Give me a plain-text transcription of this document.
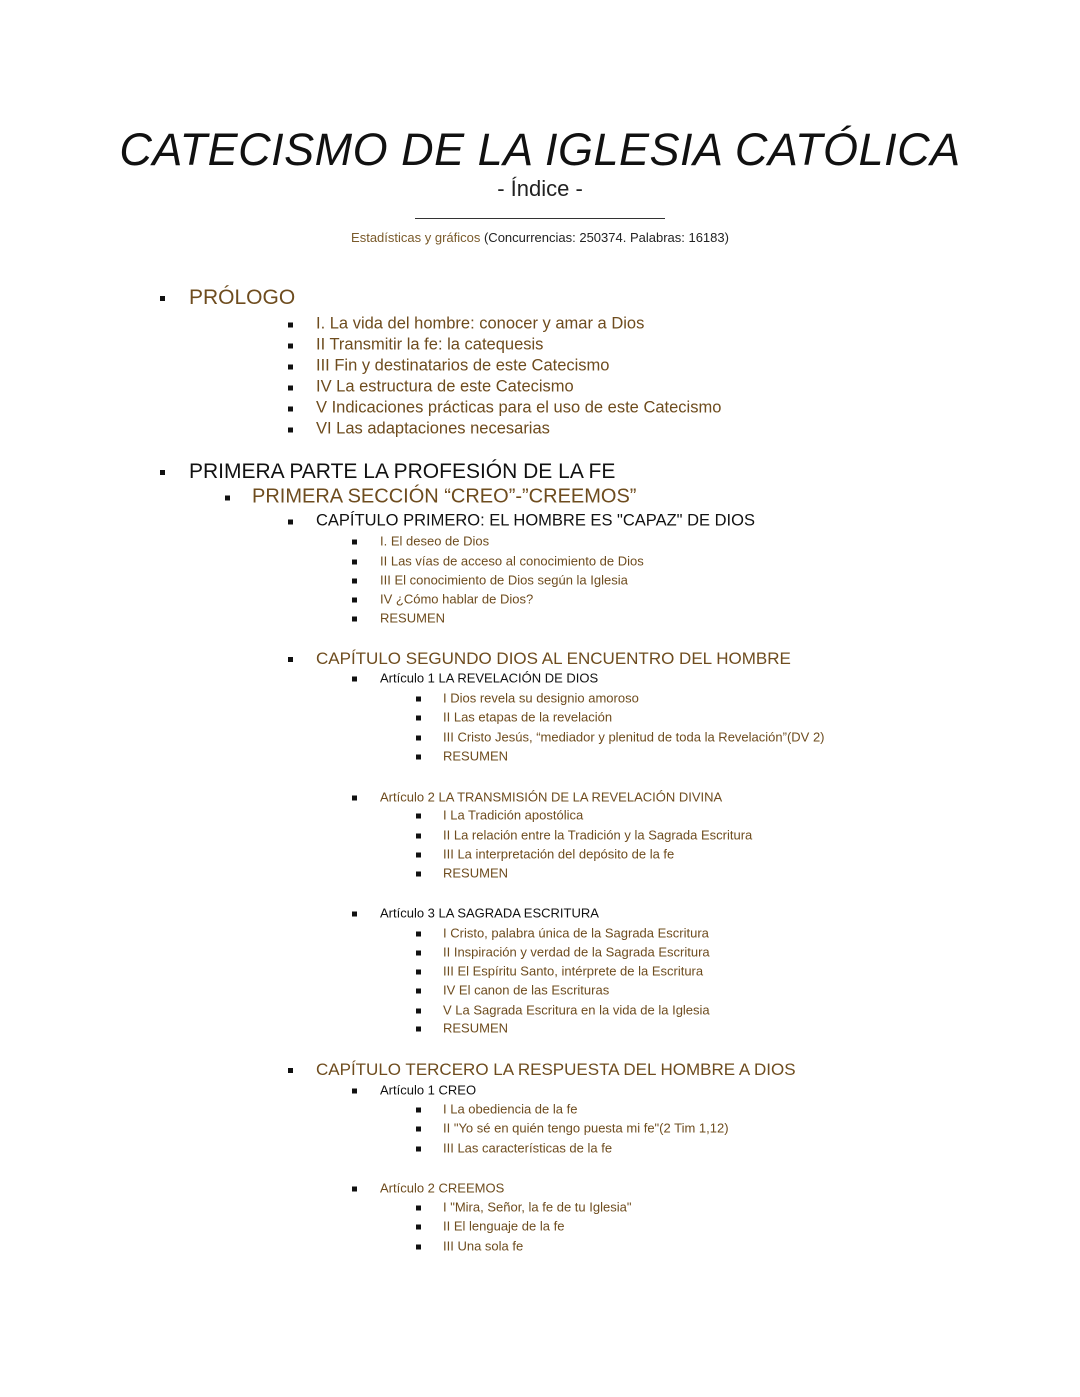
CATECISMO DE LA IGLESIA CATÓLICA
- Índice -
Estadísticas y gráficos (Concurrencias: 250374. Palabras: 16183)
PRÓLOGO
I. La vida del hombre: conocer y amar a Dios
II Transmitir la fe: la catequesis
III Fin y destinatarios de este Catecismo
IV La estructura de este Catecismo
V Indicaciones prácticas para el uso de este Catecismo
VI Las adaptaciones necesarias
PRIMERA PARTE LA PROFESIÓN DE LA FE
PRIMERA SECCIÓN “CREO”-”CREEMOS”
CAPÍTULO PRIMERO: EL HOMBRE ES "CAPAZ" DE DIOS
I. El deseo de Dios
II Las vías de acceso al conocimiento de Dios
III El conocimiento de Dios según la Iglesia
IV ¿Cómo hablar de Dios?
RESUMEN
CAPÍTULO SEGUNDO DIOS AL ENCUENTRO DEL HOMBRE
Artículo 1 LA REVELACIÓN DE DIOS
I Dios revela su designio amoroso
II Las etapas de la revelación
III Cristo Jesús, “mediador y plenitud de toda la Revelación”(DV 2)
RESUMEN
Artículo 2 LA TRANSMISIÓN DE LA REVELACIÓN DIVINA
I La Tradición apostólica
II La relación entre la Tradición y la Sagrada Escritura
III La interpretación del depósito de la fe
RESUMEN
Artículo 3 LA SAGRADA ESCRITURA
I Cristo, palabra única de la Sagrada Escritura
II Inspiración y verdad de la Sagrada Escritura
III El Espíritu Santo, intérprete de la Escritura
IV El canon de las Escrituras
V La Sagrada Escritura en la vida de la Iglesia
RESUMEN
CAPÍTULO TERCERO LA RESPUESTA DEL HOMBRE A DIOS
Artículo 1 CREO
I La obediencia de la fe
II "Yo sé en quién tengo puesta mi fe"(2 Tim 1,12)
III Las características de la fe
Artículo 2 CREEMOS
I "Mira, Señor, la fe de tu Iglesia"
II El lenguaje de la fe
III Una sola fe
